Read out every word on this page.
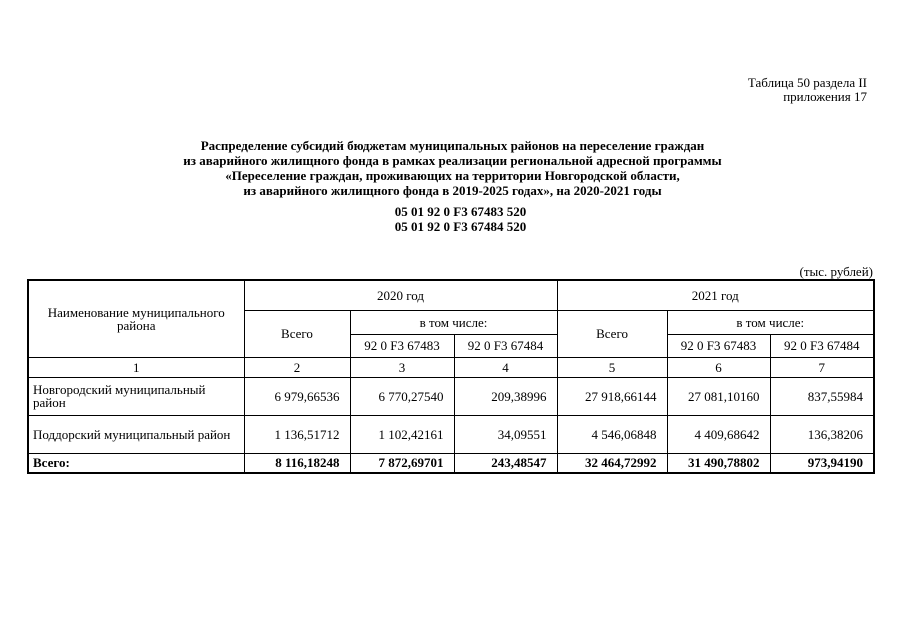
Таблица 50 раздела II
приложения 17
Распределение субсидий бюджетам муниципальных районов на переселение граждан
из аварийного жилищного фонда в рамках реализации региональной адресной программы
«Переселение граждан, проживающих на территории Новгородской области,
из аварийного жилищного фонда в 2019-2025 годах», на 2020-2021 годы
05 01 92 0 F3 67483 520
05 01 92 0 F3 67484 520
(тыс. рублей)
Наименование муниципального района	2020 год			2021 год		
	Всего	в том числе:		Всего	в том числе:	
		92 0 F3 67483	92 0 F3 67484		92 0 F3 67483	92 0 F3 67484
1	2	3	4	5	6	7
Новгородский муниципальный район	6 979,66536	6 770,27540	209,38996	27 918,66144	27 081,10160	837,55984
Поддорский муниципальный район	1 136,51712	1 102,42161	34,09551	4 546,06848	4 409,68642	136,38206
Всего:	8 116,18248	7 872,69701	243,48547	32 464,72992	31 490,78802	973,94190
